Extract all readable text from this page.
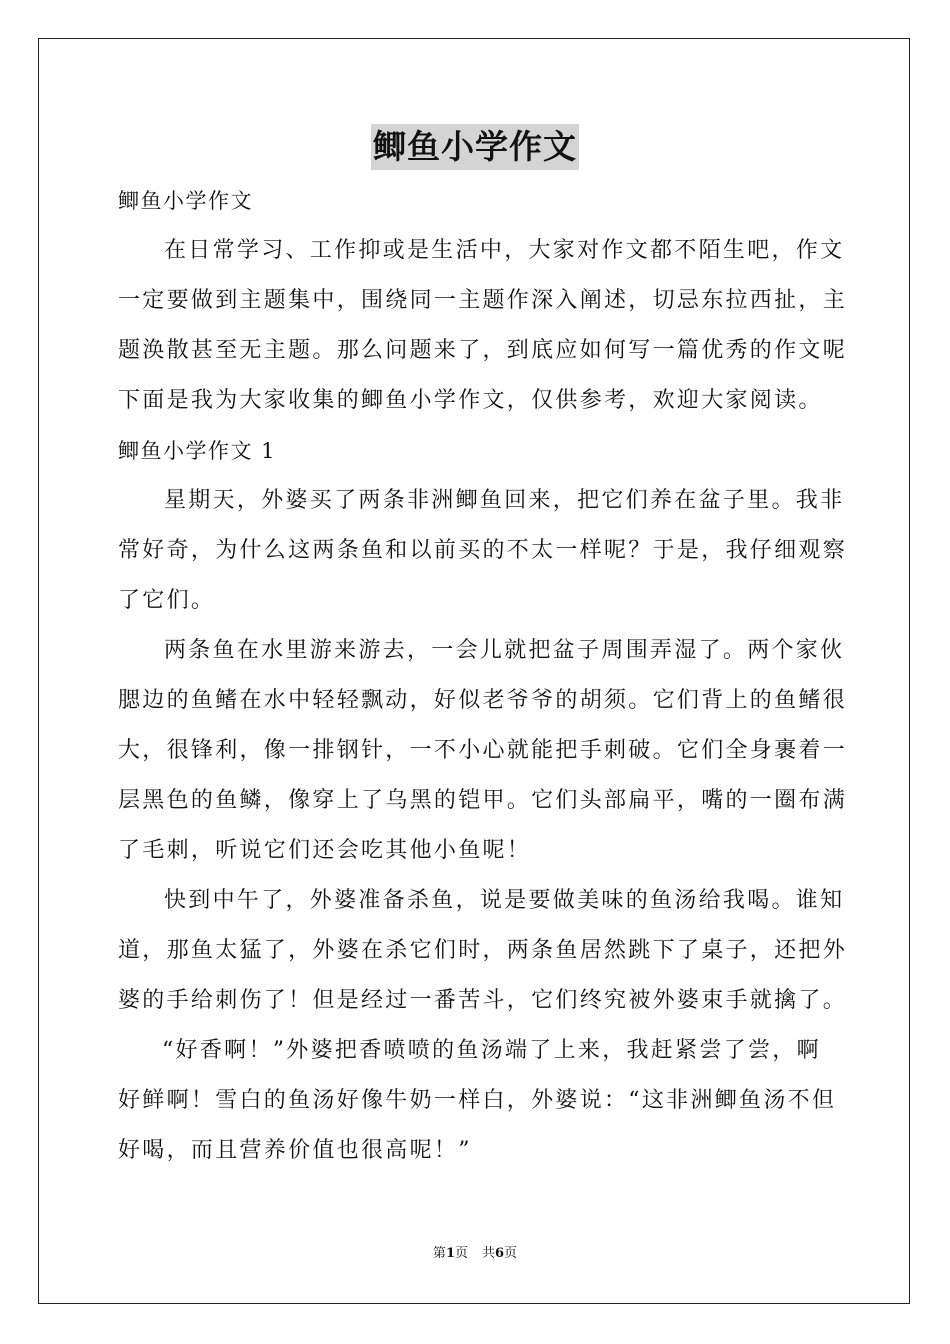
鲫鱼小学作文
鲫鱼小学作文
在日常学习、工作抑或是生活中，大家对作文都不陌生吧，作文
一定要做到主题集中，围绕同一主题作深入阐述，切忌东拉西扯，主
题涣散甚至无主题。那么问题来了，到底应如何写一篇优秀的作文呢
下面是我为大家收集的鲫鱼小学作文，仅供参考，欢迎大家阅读。
鲫鱼小学作文 1
星期天，外婆买了两条非洲鲫鱼回来，把它们养在盆子里。我非
常好奇，为什么这两条鱼和以前买的不太一样呢？于是，我仔细观察
了它们。
两条鱼在水里游来游去，一会儿就把盆子周围弄湿了。两个家伙
腮边的鱼鳍在水中轻轻飘动，好似老爷爷的胡须。它们背上的鱼鳍很
大，很锋利，像一排钢针，一不小心就能把手刺破。它们全身裹着一
层黑色的鱼鳞，像穿上了乌黑的铠甲。它们头部扁平，嘴的一圈布满
了毛刺，听说它们还会吃其他小鱼呢！
快到中午了，外婆准备杀鱼，说是要做美味的鱼汤给我喝。谁知
道，那鱼太猛了，外婆在杀它们时，两条鱼居然跳下了桌子，还把外
婆的手给刺伤了！但是经过一番苦斗，它们终究被外婆束手就擒了。
“好香啊！”外婆把香喷喷的鱼汤端了上来，我赶紧尝了尝，啊
好鲜啊！雪白的鱼汤好像牛奶一样白，外婆说：“这非洲鲫鱼汤不但
好喝，而且营养价值也很高呢！”
第1页 共6页
